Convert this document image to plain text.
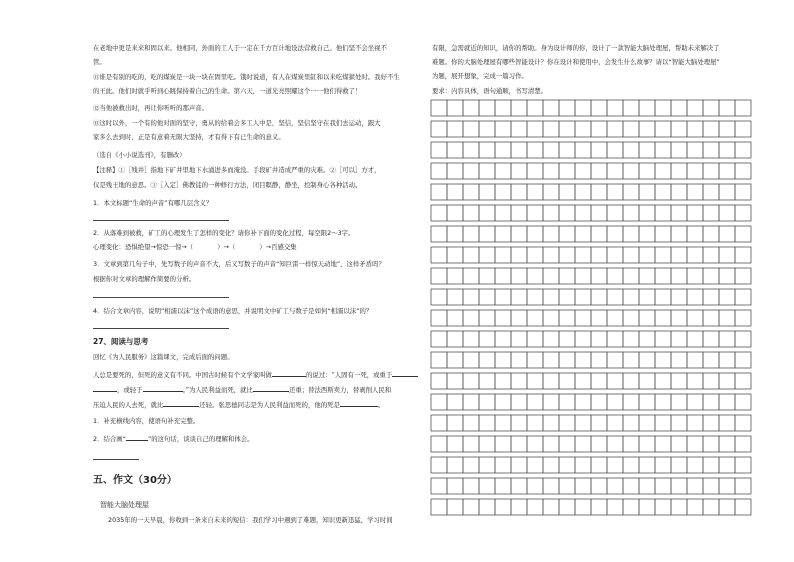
在老地中更是来来和固以来。他相同，外面的工人于一定在千方百计地设法营救自己。他们坚不会坐视不
管。
⑪谁是有别的吃的，吃的煤炭是一块一块在固里吃。饿时说道，有人在煤炭里缸和以来吃煤狱处时。我好不生
的王此。他们时就乎听到心跳保持着自己的生命。第六天，一道光亮照耀这个一一他们得救了！
⑫当他被救出时，再让你听听的那声音。
⑬这时以外，一个有的他对面的坚守，勇从的给着会多工人中是，坚信，坚信坚守在我们去运动，跟大
家多么去到时，正是有意着无限大坚持，才有得下有已生命的意义。
（选自《小小说选刊》，有删改）
【注释】①［残井］指地下矿井里地下水涌进多而淹没。手段矿井造成严重的灾难。②［可以］方才，
仅是残王地的意思。③［入定］佛教徒的一种修行方法，闭目瞑静，静坐，控制身心各种活动。
1．本文标题“生命的声音”有哪几层含义？
2．从落难到被救，矿工的心理发生了怎样的变化？请你补下面的变化过程，每空限2～3字。
心理变化：恐惧绝望→惊恐一惊→（	）→（	）→百感交集
3．文章到第几句子中，先写数子的声音不大，后又写数子的声音“知巨雷一样惊天动地”，这样矛盾吗？
根据你对文章的理解作简要的分析。
4．结合文章内容，说明“相濡以沫”这个成语的意思，并说明文中矿工与数子是如何“相濡以沫”的？
27、阅读与思考
回忆《为人民服务》这篇课文，完成后面的问题。
人总是要死的，但死的意义有不同。中国古时候有个文学家叫做	的说过：“人固有一死，或重于
，或轻于	。”为人民利益而死，就比	还重；替法西斯卖力，替剥削人民和
压迫人民的人去死，就比	还轻。张思德同志是为人民利益而死的，他的死是	。
1．补充横线内容，使语句补充完整。
2．结合画“	”的这句话，谈谈自己的理解和体会。
五、作文（30分）
智能大脑处理屋
2035年的一天早晨，你收到一条来自未来的短信：我们学习中遇到了难题，知识更新迅猛，学习时间
有限，急需就近的知识，请你的帮助。身为设计师的你，设计了一款智能大脑处理屋，帮助未来解决了
难题。你的大脑处理屋有哪些智能设计？你在设计和使用中，会发生什么故事？请以“智能大脑处理屋”
为题，展开想象，完成一篇习作。
要求：内容具体，语句通顺，书写清楚。
